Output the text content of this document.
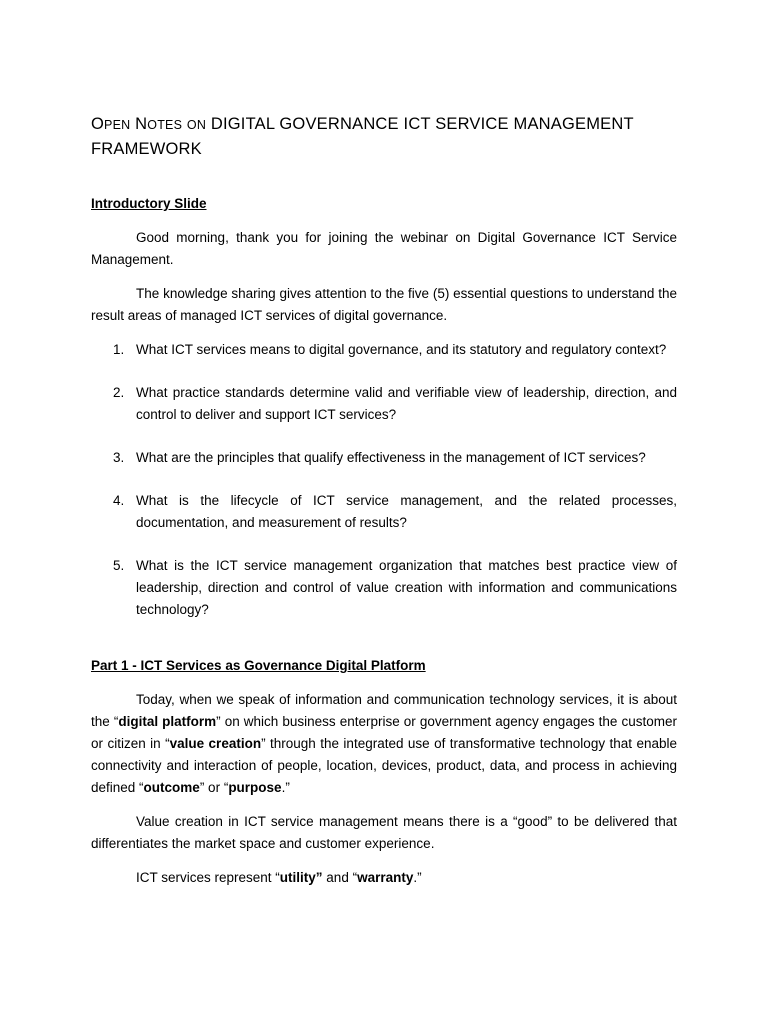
OPEN NOTES ON DIGITAL GOVERNANCE ICT SERVICE MANAGEMENT
FRAMEWORK
Introductory Slide

Good morning, thank you for joining the webinar on Digital Governance ICT Service Management.

The knowledge sharing gives attention to the five (5) essential questions to understand the result areas of managed ICT services of digital governance.

1. What ICT services means to digital governance, and its statutory and regulatory context?
2. What practice standards determine valid and verifiable view of leadership, direction, and control to deliver and support ICT services?
3. What are the principles that qualify effectiveness in the management of ICT services?
4. What is the lifecycle of ICT service management, and the related processes, documentation, and measurement of results?
5. What is the ICT service management organization that matches best practice view of leadership, direction and control of value creation with information and communications technology?
Part 1 - ICT Services as Governance Digital Platform

Today, when we speak of information and communication technology services, it is about the “digital platform” on which business enterprise or government agency engages the customer or citizen in “value creation” through the integrated use of transformative technology that enable connectivity and interaction of people, location, devices, product, data, and process in achieving defined “outcome” or “purpose.”

Value creation in ICT service management means there is a “good” to be delivered that differentiates the market space and customer experience.

ICT services represent “utility” and “warranty.”
